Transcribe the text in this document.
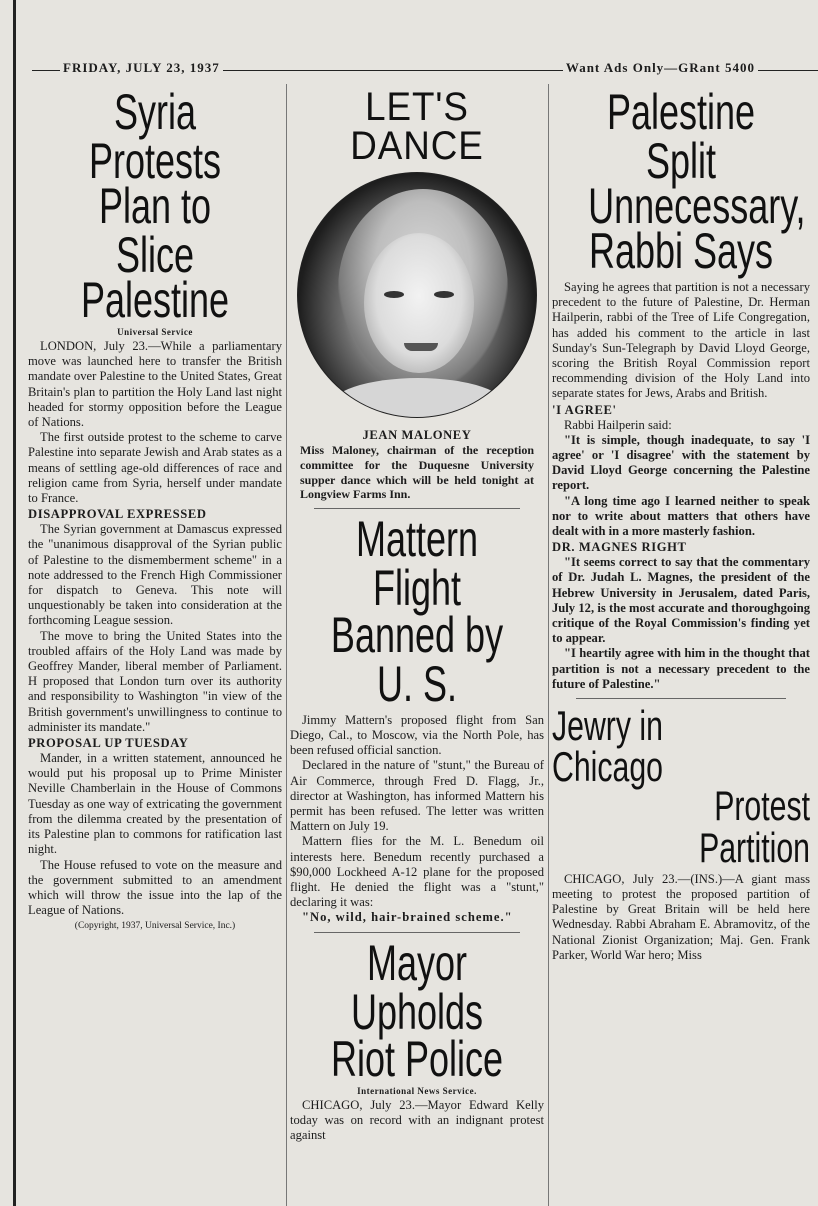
FRIDAY, JULY 23, 1937	Want Ads Only—GRant 5400

Syria Protests

Plan to Slice

Palestine

Universal Service

LONDON, July 23.—While a parliamentary move was launched here to transfer the British mandate over Palestine to the United States, Great Britain's plan to partition the Holy Land last night headed for stormy opposition before the League of Nations.

The first outside protest to the scheme to carve Palestine into separate Jewish and Arab states as a means of settling age-old differences of race and religion came from Syria, herself under mandate to France.

DISAPPROVAL EXPRESSED

The Syrian government at Damascus expressed the "unanimous disapproval of the Syrian public of Palestine to the dismemberment scheme" in a note addressed to the French High Commissioner for dispatch to Geneva. This note will unquestionably be taken into consideration at the forthcoming League session.

The move to bring the United States into the troubled affairs of the Holy Land was made by Geoffrey Mander, liberal member of Parliament. H proposed that London turn over its authority and responsibility to Washington "in view of the British government's unwillingness to continue to administer its mandate."

PROPOSAL UP TUESDAY

Mander, in a written statement, announced he would put his proposal up to Prime Minister Neville Chamberlain in the House of Commons Tuesday as one way of extricating the government from the dilemma created by the presentation of its Palestine plan to commons for ratification last night.

The House refused to vote on the measure and the government submitted to an amendment which will throw the issue into the lap of the League of Nations.

(Copyright, 1937, Universal Service, Inc.)

LET'S DANCE

JEAN MALONEY

Miss Maloney, chairman of the reception committee for the Duquesne University supper dance which will be held tonight at Longview Farms Inn.

Mattern Flight

Banned by U. S.

Jimmy Mattern's proposed flight from San Diego, Cal., to Moscow, via the North Pole, has been refused official sanction.

Declared in the nature of "stunt," the Bureau of Air Commerce, through Fred D. Flagg, Jr., director at Washington, has informed Mattern his permit has been refused. The letter was written Mattern on July 19.

Mattern flies for the M. L. Benedum oil interests here. Benedum recently purchased a $90,000 Lockheed A-12 plane for the proposed flight. He denied the flight was a "stunt," declaring it was:

"No, wild, hair-brained scheme."

Mayor Upholds

Riot Police

International News Service.

CHICAGO, July 23.—Mayor Edward Kelly today was on record with an indignant protest against

Palestine Split

Unnecessary,

Rabbi Says

Saying he agrees that partition is not a necessary precedent to the future of Palestine, Dr. Herman Hailperin, rabbi of the Tree of Life Congregation, has added his comment to the article in last Sunday's Sun-Telegraph by David Lloyd George, scoring the British Royal Commission report recommending division of the Holy Land into separate states for Jews, Arabs and British.

'I AGREE'

Rabbi Hailperin said:

"It is simple, though inadequate, to say 'I agree' or 'I disagree' with the statement by David Lloyd George concerning the Palestine report.

"A long time ago I learned neither to speak nor to write about matters that others have dealt with in a more masterly fashion.

DR. MAGNES RIGHT

"It seems correct to say that the commentary of Dr. Judah L. Magnes, the president of the Hebrew University in Jerusalem, dated Paris, July 12, is the most accurate and thoroughgoing critique of the Royal Commission's finding yet to appear.

"I heartily agree with him in the thought that partition is not a necessary precedent to the future of Palestine."

Jewry in Chicago

Protest Partition

CHICAGO, July 23.—(INS.)—A giant mass meeting to protest the proposed partition of Palestine by Great Britain will be held here Wednesday. Rabbi Abraham E. Abramovitz, of the National Zionist Organization; Maj. Gen. Frank Parker, World War hero; Miss
